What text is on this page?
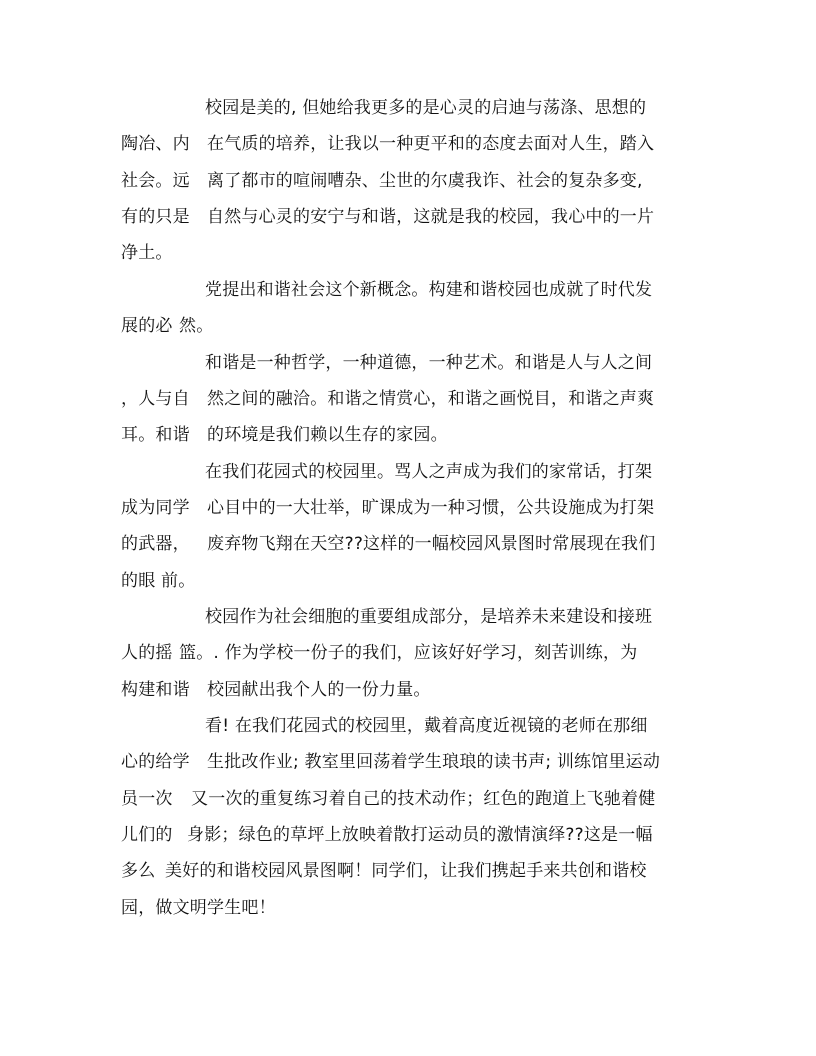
校园是美的, 但她给我更多的是心灵的启迪与荡涤、思想的
陶冶、内 在气质的培养，让我以一种更平和的态度去面对人生，踏入
社会。远 离了都市的喧闹嘈杂、尘世的尔虞我诈、社会的复杂多变,
有的只是 自然与心灵的安宁与和谐，这就是我的校园，我心中的一片
净土。
党提出和谐社会这个新概念。构建和谐校园也成就了时代发
展的必 然。
和谐是一种哲学，一种道德，一种艺术。和谐是人与人之间
，人与自 然之间的融洽。和谐之情赏心，和谐之画悦目，和谐之声爽
耳。和谐 的环境是我们赖以生存的家园。
在我们花园式的校园里。骂人之声成为我们的家常话，打架
成为同学 心目中的一大壮举，旷课成为一种习惯，公共设施成为打架
的武器， 废弃物飞翔在天空??这样的一幅校园风景图时常展现在我们
的眼 前。
校园作为社会细胞的重要组成部分，是培养未来建设和接班
人的摇 篮。. 作为学校一份子的我们，应该好好学习，刻苦训练，为
构建和谐 校园献出我个人的一份力量。
看! 在我们花园式的校园里，戴着高度近视镜的老师在那细
心的给学 生批改作业; 教室里回荡着学生琅琅的读书声; 训练馆里运动
员一次 又一次的重复练习着自己的技术动作；红色的跑道上飞驰着健
儿们的 身影；绿色的草坪上放映着散打运动员的激情演绎??这是一幅
多么 美好的和谐校园风景图啊！同学们，让我们携起手来共创和谐校
园，做文明学生吧！
